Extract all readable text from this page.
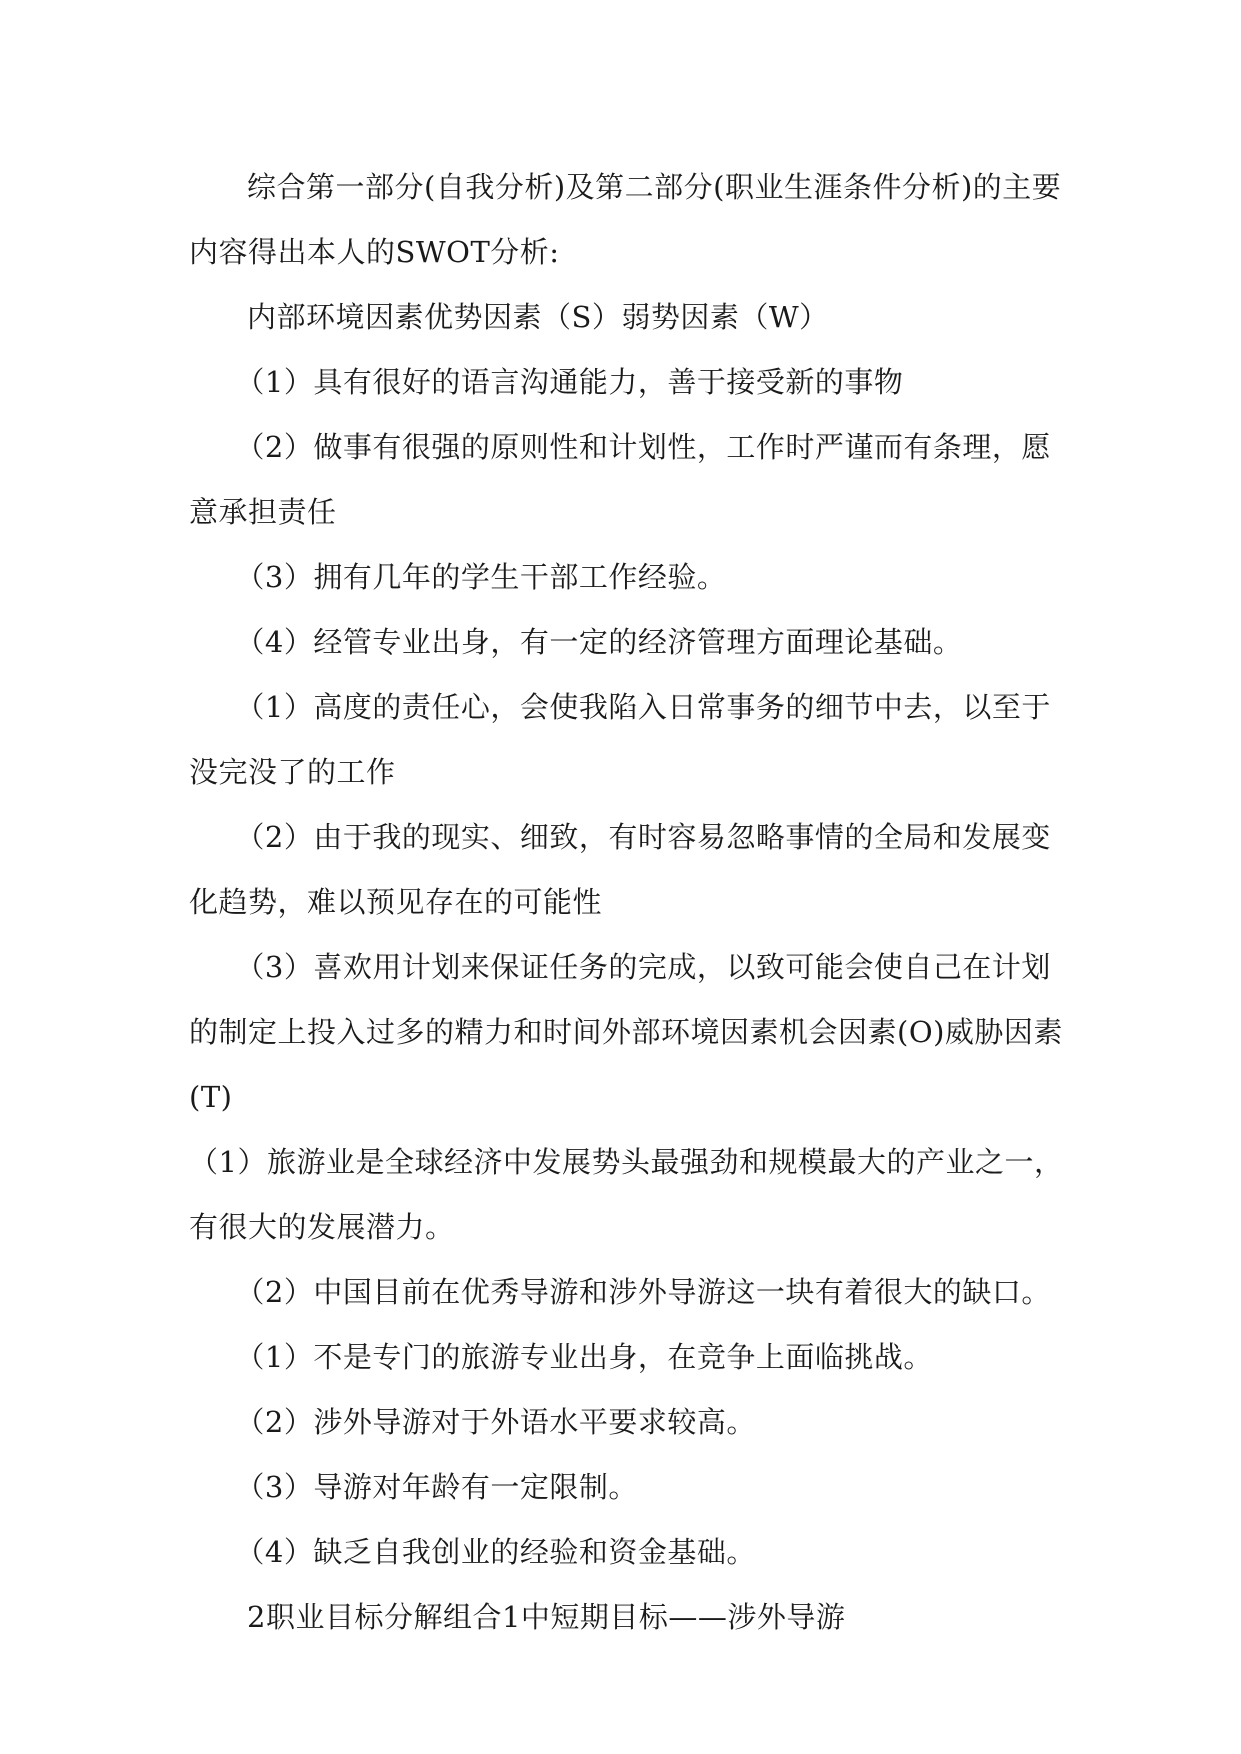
综合第一部分(自我分析)及第二部分(职业生涯条件分析)的主要内容得出本人的SWOT分析:

内部环境因素优势因素（S）弱势因素（W）

（1）具有很好的语言沟通能力，善于接受新的事物

（2）做事有很强的原则性和计划性，工作时严谨而有条理，愿意承担责任

（3）拥有几年的学生干部工作经验。

（4）经管专业出身，有一定的经济管理方面理论基础。

（1）高度的责任心，会使我陷入日常事务的细节中去，以至于没完没了的工作

（2）由于我的现实、细致，有时容易忽略事情的全局和发展变化趋势，难以预见存在的可能性

（3）喜欢用计划来保证任务的完成，以致可能会使自己在计划的制定上投入过多的精力和时间外部环境因素机会因素(O)威胁因素(T)

（1）旅游业是全球经济中发展势头最强劲和规模最大的产业之一，有很大的发展潜力。

（2）中国目前在优秀导游和涉外导游这一块有着很大的缺口。

（1）不是专门的旅游专业出身，在竞争上面临挑战。

（2）涉外导游对于外语水平要求较高。

（3）导游对年龄有一定限制。

（4）缺乏自我创业的经验和资金基础。

2职业目标分解组合1中短期目标——涉外导游
